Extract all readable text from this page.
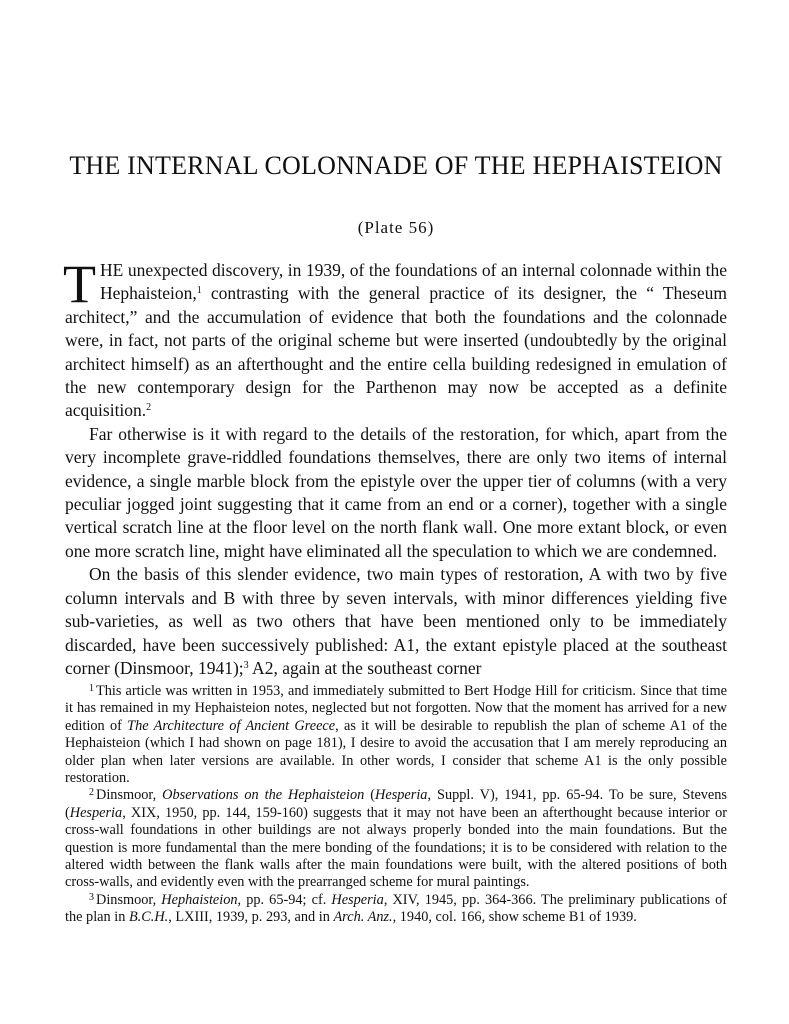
THE INTERNAL COLONNADE OF THE HEPHAISTEION
(Plate 56)

THE unexpected discovery, in 1939, of the foundations of an internal colonnade within the Hephaisteion,$^1$ contrasting with the general practice of its designer, the “ Theseum architect,” and the accumulation of evidence that both the foundations and the colonnade were, in fact, not parts of the original scheme but were inserted (undoubtedly by the original architect himself) as an afterthought and the entire cella building redesigned in emulation of the new contemporary design for the Parthenon may now be accepted as a definite acquisition.$^2$

Far otherwise is it with regard to the details of the restoration, for which, apart from the very incomplete grave-riddled foundations themselves, there are only two items of internal evidence, a single marble block from the epistyle over the upper tier of columns (with a very peculiar jogged joint suggesting that it came from an end or a corner), together with a single vertical scratch line at the floor level on the north flank wall. One more extant block, or even one more scratch line, might have eliminated all the speculation to which we are condemned.

On the basis of this slender evidence, two main types of restoration, A with two by five column intervals and B with three by seven intervals, with minor differences yielding five sub-varieties, as well as two others that have been mentioned only to be immediately discarded, have been successively published: A1, the extant epistyle placed at the southeast corner (Dinsmoor, 1941);$^3$ A2, again at the southeast corner

$^1$ This article was written in 1953, and immediately submitted to Bert Hodge Hill for criticism. Since that time it has remained in my Hephaisteion notes, neglected but not forgotten. Now that the moment has arrived for a new edition of The Architecture of Ancient Greece, as it will be desirable to republish the plan of scheme A1 of the Hephaisteion (which I had shown on page 181), I desire to avoid the accusation that I am merely reproducing an older plan when later versions are available. In other words, I consider that scheme A1 is the only possible restoration.

$^2$ Dinsmoor, Observations on the Hephaisteion (Hesperia, Suppl. V), 1941, pp. 65-94. To be sure, Stevens (Hesperia, XIX, 1950, pp. 144, 159-160) suggests that it may not have been an afterthought because interior or cross-wall foundations in other buildings are not always properly bonded into the main foundations. But the question is more fundamental than the mere bonding of the foundations; it is to be considered with relation to the altered width between the flank walls after the main foundations were built, with the altered positions of both cross-walls, and evidently even with the prearranged scheme for mural paintings.

$^3$ Dinsmoor, Hephaisteion, pp. 65-94; cf. Hesperia, XIV, 1945, pp. 364-366. The preliminary publications of the plan in B.C.H., LXIII, 1939, p. 293, and in Arch. Anz., 1940, col. 166, show scheme B1 of 1939.
